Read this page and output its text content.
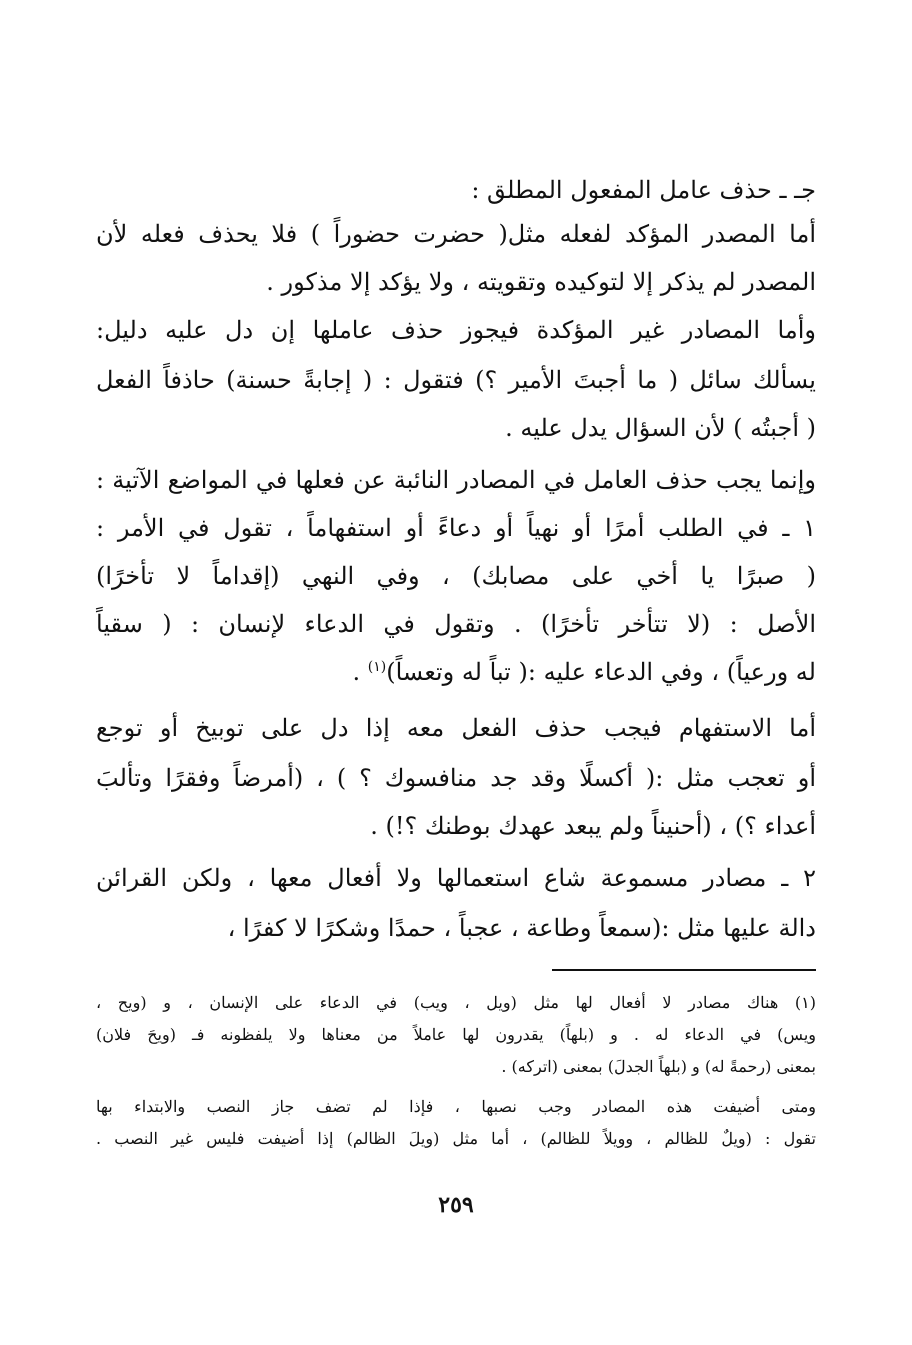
جـ ـ حذف عامل المفعول المطلق :
أما المصدر المؤكد لفعله مثل( حضرت حضوراً ) فلا يحذف فعله لأن
المصدر لم يذكر إلا لتوكيده وتقويته ، ولا يؤكد إلا مذكور .
وأما المصادر غير المؤكدة فيجوز حذف عاملها إن دل عليه دليل:
يسألك سائل ( ما أجبتَ الأمير ؟) فتقول : ( إجابةً حسنة) حاذفاً الفعل
( أجبتُه ) لأن السؤال يدل عليه .
وإنما يجب حذف العامل في المصادر النائبة عن فعلها في المواضع الآتية :
١ ـ في الطلب أمرًا أو نهياً أو دعاءً أو استفهاماً ، تقول في الأمر :
( صبرًا يا أخي على مصابك) ، وفي النهي (إقداماً لا تأخرًا)
الأصل : (لا تتأخر تأخرًا) . وتقول في الدعاء لإنسان : ( سقياً
له ورعياً) ، وفي الدعاء عليه :( تباً له وتعساً)$^{(١)}$ .
أما الاستفهام فيجب حذف الفعل معه إذا دل على توبيخ أو توجع
أو تعجب مثل :( أكسلًا وقد جد منافسوك ؟ ) ، (أمرضاً وفقرًا وتألبَ
أعداء ؟) ، (أحنيناً ولم يبعد عهدك بوطنك ؟!) .
٢ ـ مصادر مسموعة شاع استعمالها ولا أفعال معها ، ولكن القرائن
دالة عليها مثل :(سمعاً وطاعة ، عجباً ، حمدًا وشكرًا لا كفرًا ،
(١) هناك مصادر لا أفعال لها مثل (ويل ، ويب) في الدعاء على الإنسان ، و (ويح ،
ويس) في الدعاء له . و (بلهاً) يقدرون لها عاملاً من معناها ولا يلفظونه فـ (ويحَ فلان)
بمعنى (رحمةً له) و (بلهاً الجدلَ) بمعنى (اتركه) .
ومتى أضيفت هذه المصادر وجب نصبها ، فإذا لم تضف جاز النصب والابتداء بها
تقول : (ويلٌ للظالم ، وويلاً للظالم) ، أما مثل (ويلَ الظالم) إذا أضيفت فليس غير النصب .
٢٥٩
